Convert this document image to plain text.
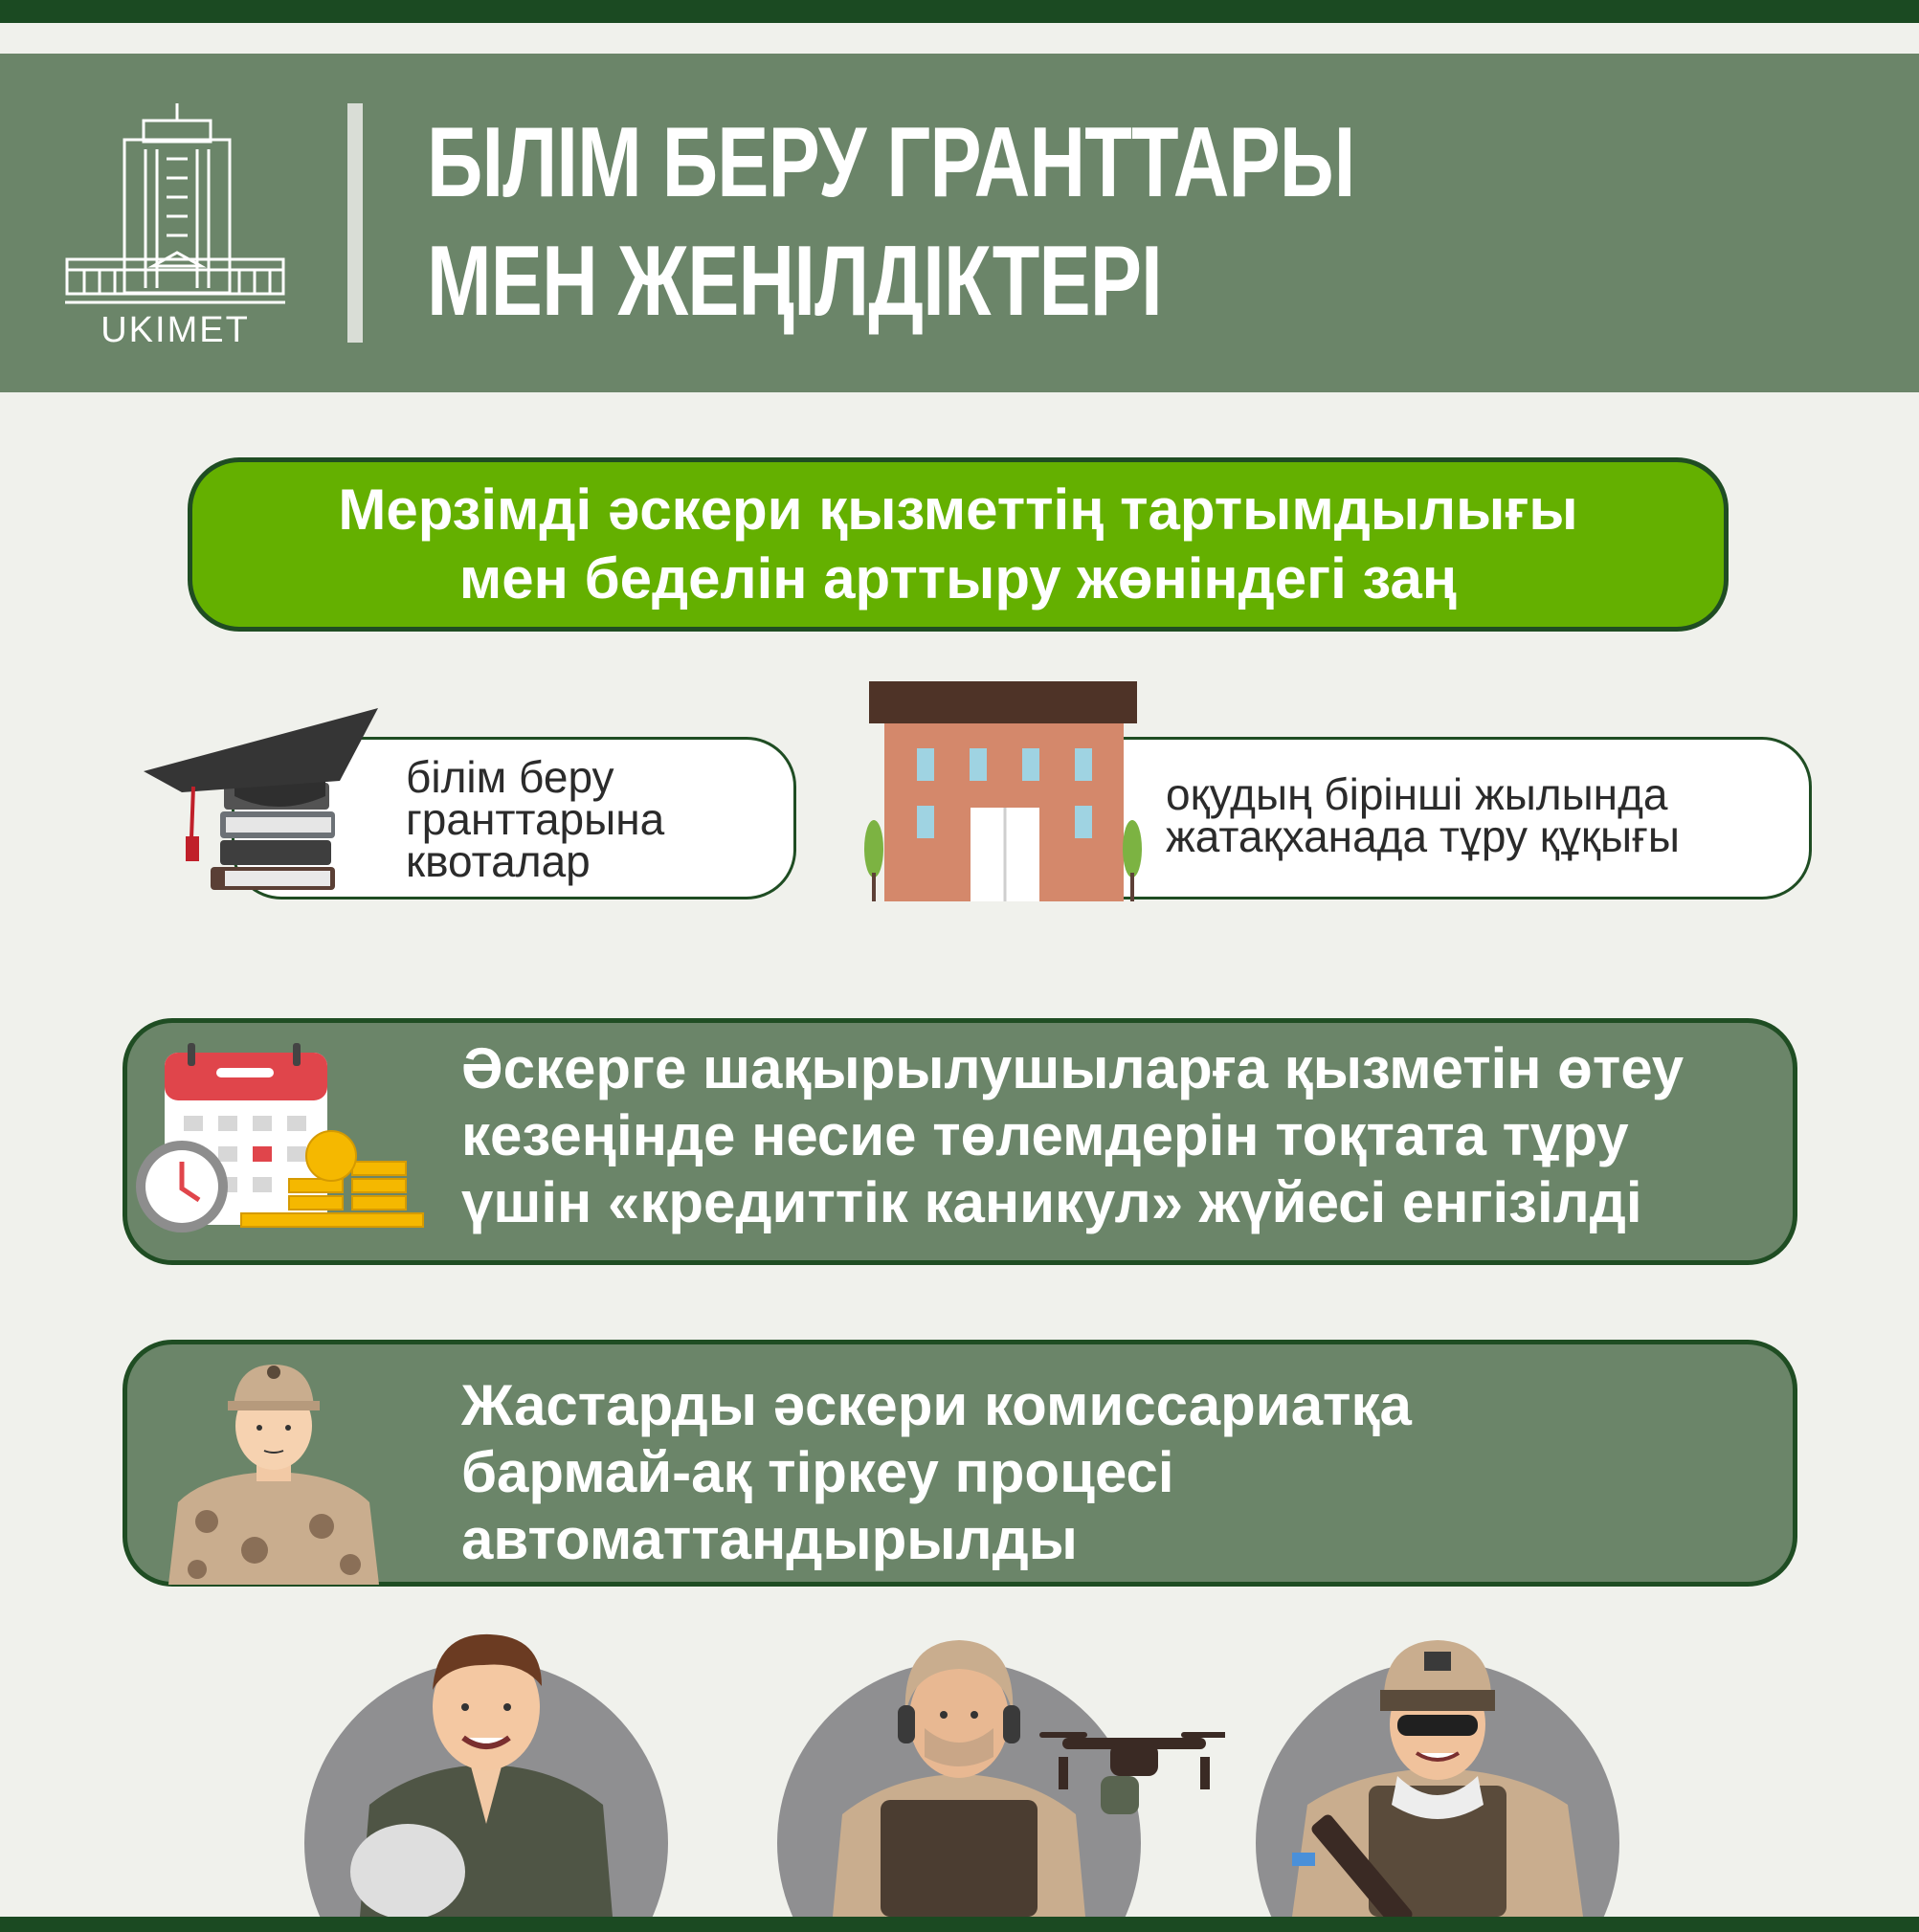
UKIMET
БІЛІМ БЕРУ ГРАНТТАРЫ
МЕН ЖЕҢІЛДІКТЕРІ
Мерзімді әскери қызметтің тартымдылығы
мен беделін арттыру жөніндегі заң

білім беру
гранттарына
квоталар

оқудың бірінші жылында
жатақханада тұру құқығы

Әскерге шақырылушыларға қызметін өтеу
кезеңінде несие төлемдерін тоқтата тұру
үшін «кредиттік каникул» жүйесі енгізілді

Жастарды әскери комиссариатқа
бармай-ақ тіркеу процесі
автоматтандырылды
